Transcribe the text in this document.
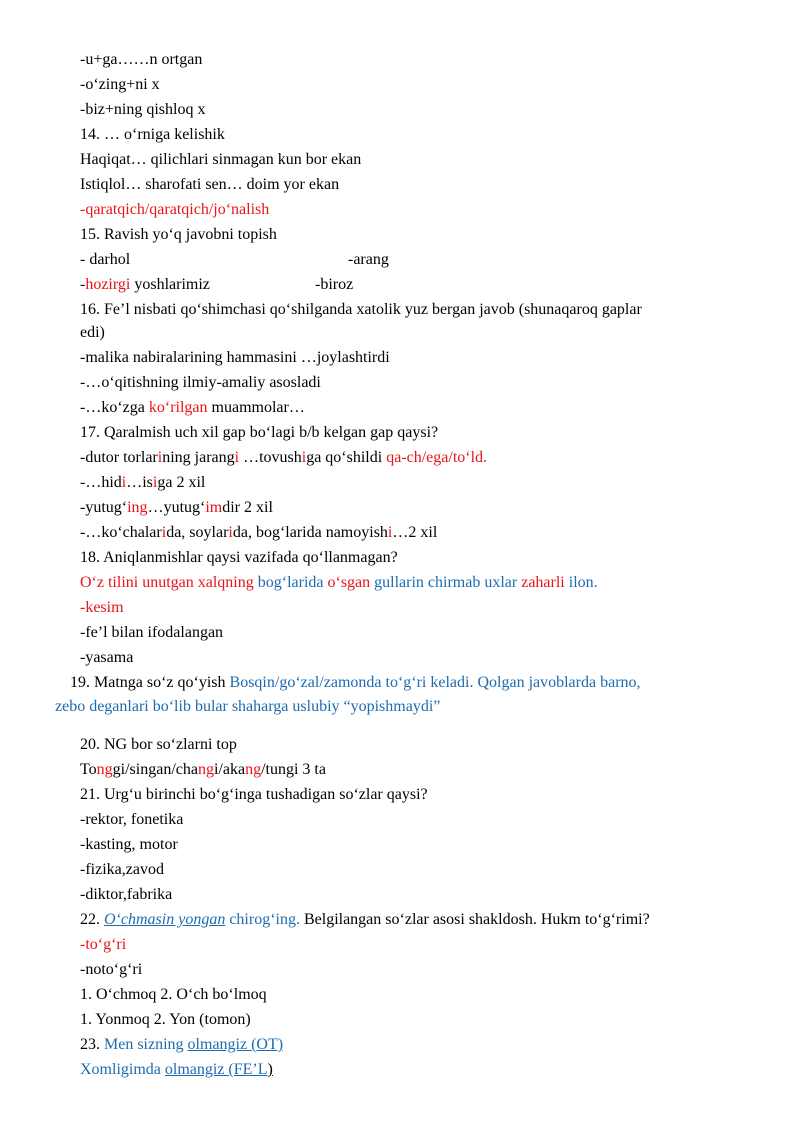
-u+ga……n ortgan
-o‘zing+ni x
-biz+ning qishloq x
14. … o‘rniga kelishik
Haqiqat… qilichlari sinmagan kun bor ekan
Istiqlol… sharofati sen… doim yor ekan
-qaratqich/qaratqich/jo‘nalish
15. Ravish yo‘q javobni topish
- darhol	-arang
-hozirgi yoshlarimiz	-biroz
16. Fe’l nisbati qo‘shimchasi qo‘shilganda xatolik yuz bergan javob (shunaqaroq gaplar
edi)
-malika nabiralarining hammasini …joylashtirdi
-…o‘qitishning ilmiy-amaliy asosladi
-…ko‘zga ko‘rilgan muammolar…
17. Qaralmish uch xil gap bo‘lagi b/b kelgan gap qaysi?
-dutor torlarining jarangi …tovushiga qo‘shildi qa-ch/ega/to‘ld.
-…hidi…isiga 2 xil
-yutug‘ing…yutug‘imdir 2 xil
-…ko‘chalarida, soylarida, bog‘larida namoyishi…2 xil
18. Aniqlanmishlar qaysi vazifada qo‘llanmagan?
O‘z tilini unutgan xalqning bog‘larida o‘sgan gullarin chirmab uxlar zaharli ilon.
-kesim
-fe’l bilan ifodalangan
-yasama
19. Matnga so‘z qo‘yish Bosqin/go‘zal/zamonda to‘g‘ri keladi. Qolgan javoblarda barno,
zebo deganlari bo‘lib bular shaharga uslubiy “yopishmaydi”
20. NG bor so‘zlarni top
Tonggi/singan/changi/akang/tungi 3 ta
21. Urg‘u birinchi bo‘g‘inga tushadigan so‘zlar qaysi?
-rektor, fonetika
-kasting, motor
-fizika,zavod
-diktor,fabrika
22. O‘chmasin yongan chirog‘ing. Belgilangan so‘zlar asosi shakldosh. Hukm to‘g‘rimi?
-to‘g‘ri
-noto‘g‘ri
1. O‘chmoq 2. O‘ch bo‘lmoq
1. Yonmoq 2. Yon (tomon)
23. Men sizning olmangiz (OT)
Xomligimda olmangiz (FE’L)
